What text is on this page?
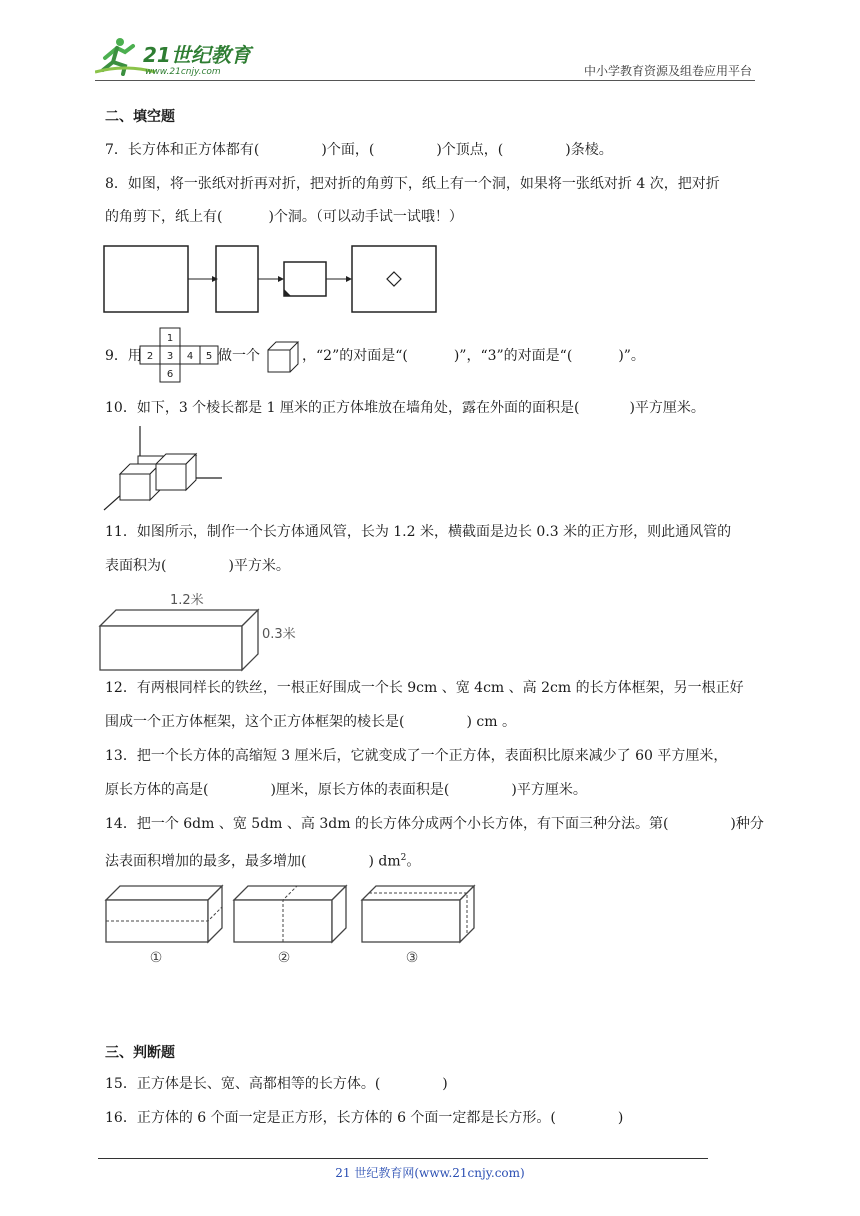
21世纪教育
www.21cnjy.com	中小学教育资源及组卷应用平台
二、填空题
7．长方体和正方体都有(	)个面，(	)个顶点，(	)条棱。
8．如图，将一张纸对折再对折，把对折的角剪下，纸上有一个洞，如果将一张纸对折 4 次，把对折
的角剪下，纸上有(	)个洞。（可以动手试一试哦！）
9．用
1
2 3 4 5
6
做一个	，“2”的对面是“(	)”，“3”的对面是“(	)”。
10．如下，3 个棱长都是 1 厘米的正方体堆放在墙角处，露在外面的面积是(	)平方厘米。
11．如图所示，制作一个长方体通风管，长为 1.2 米，横截面是边长 0.3 米的正方形，则此通风管的
表面积为(	)平方米。
1.2米
0.3米
12．有两根同样长的铁丝，一根正好围成一个长 9cm 、宽 4cm 、高 2cm 的长方体框架，另一根正好
围成一个正方体框架，这个正方体框架的棱长是(	) cm 。
13．把一个长方体的高缩短 3 厘米后，它就变成了一个正方体，表面积比原来减少了 60 平方厘米，
原长方体的高是(	)厘米，原长方体的表面积是(	)平方厘米。
14．把一个 6dm 、宽 5dm 、高 3dm 的长方体分成两个小长方体，有下面三种分法。第(	)种分
法表面积增加的最多，最多增加(	) $dm^2$。
①	②	③
三、判断题
15．正方体是长、宽、高都相等的长方体。(	)
16．正方体的 6 个面一定是正方形，长方体的 6 个面一定都是长方形。(	)
21 世纪教育网(www.21cnjy.com)
